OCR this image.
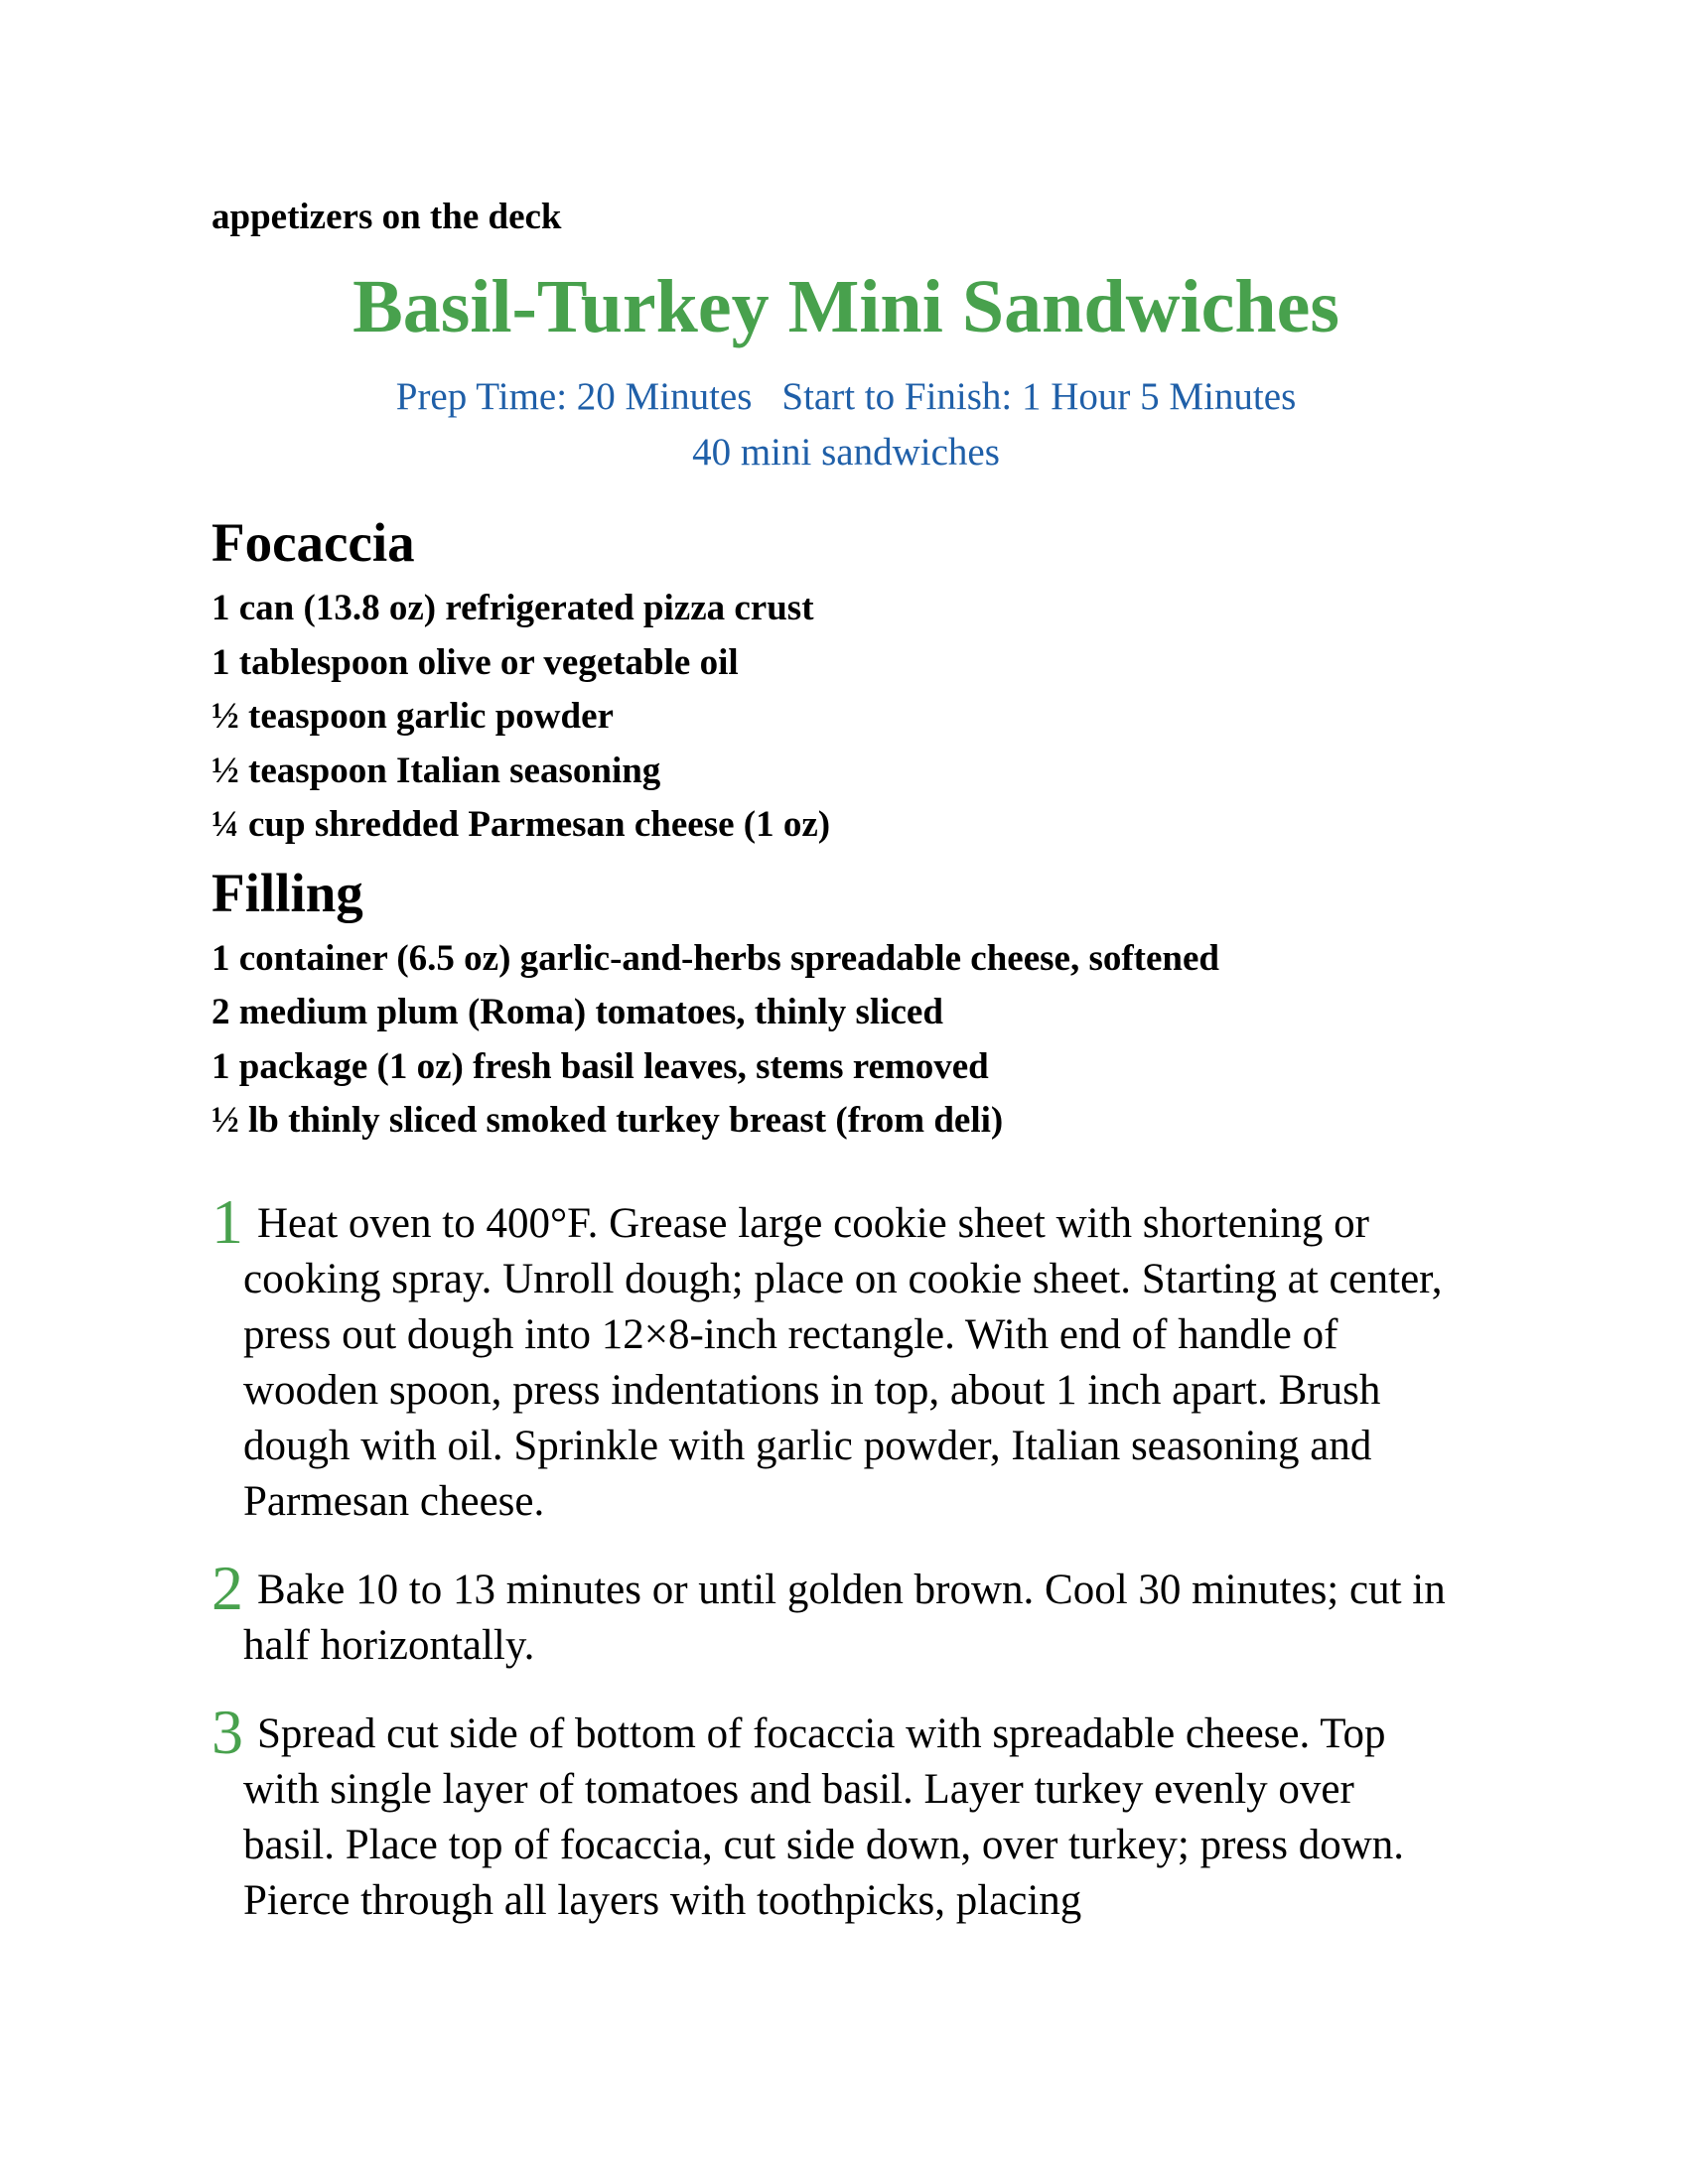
appetizers on the deck

Basil-Turkey Mini Sandwiches
Prep Time: 20 Minutes Start to Finish: 1 Hour 5 Minutes
40 mini sandwiches
Focaccia
1 can (13.8 oz) refrigerated pizza crust
1 tablespoon olive or vegetable oil
½ teaspoon garlic powder
½ teaspoon Italian seasoning
¼ cup shredded Parmesan cheese (1 oz)
Filling
1 container (6.5 oz) garlic-and-herbs spreadable cheese, softened
2 medium plum (Roma) tomatoes, thinly sliced
1 package (1 oz) fresh basil leaves, stems removed
½ lb thinly sliced smoked turkey breast (from deli)
1 Heat oven to 400°F. Grease large cookie sheet with shortening or cooking spray. Unroll dough; place on cookie sheet. Starting at center, press out dough into 12×8-inch rectangle. With end of handle of wooden spoon, press indentations in top, about 1 inch apart. Brush dough with oil. Sprinkle with garlic powder, Italian seasoning and Parmesan cheese.
2 Bake 10 to 13 minutes or until golden brown. Cool 30 minutes; cut in half horizontally.
3 Spread cut side of bottom of focaccia with spreadable cheese. Top with single layer of tomatoes and basil. Layer turkey evenly over basil. Place top of focaccia, cut side down, over turkey; press down. Pierce through all layers with toothpicks, placing
